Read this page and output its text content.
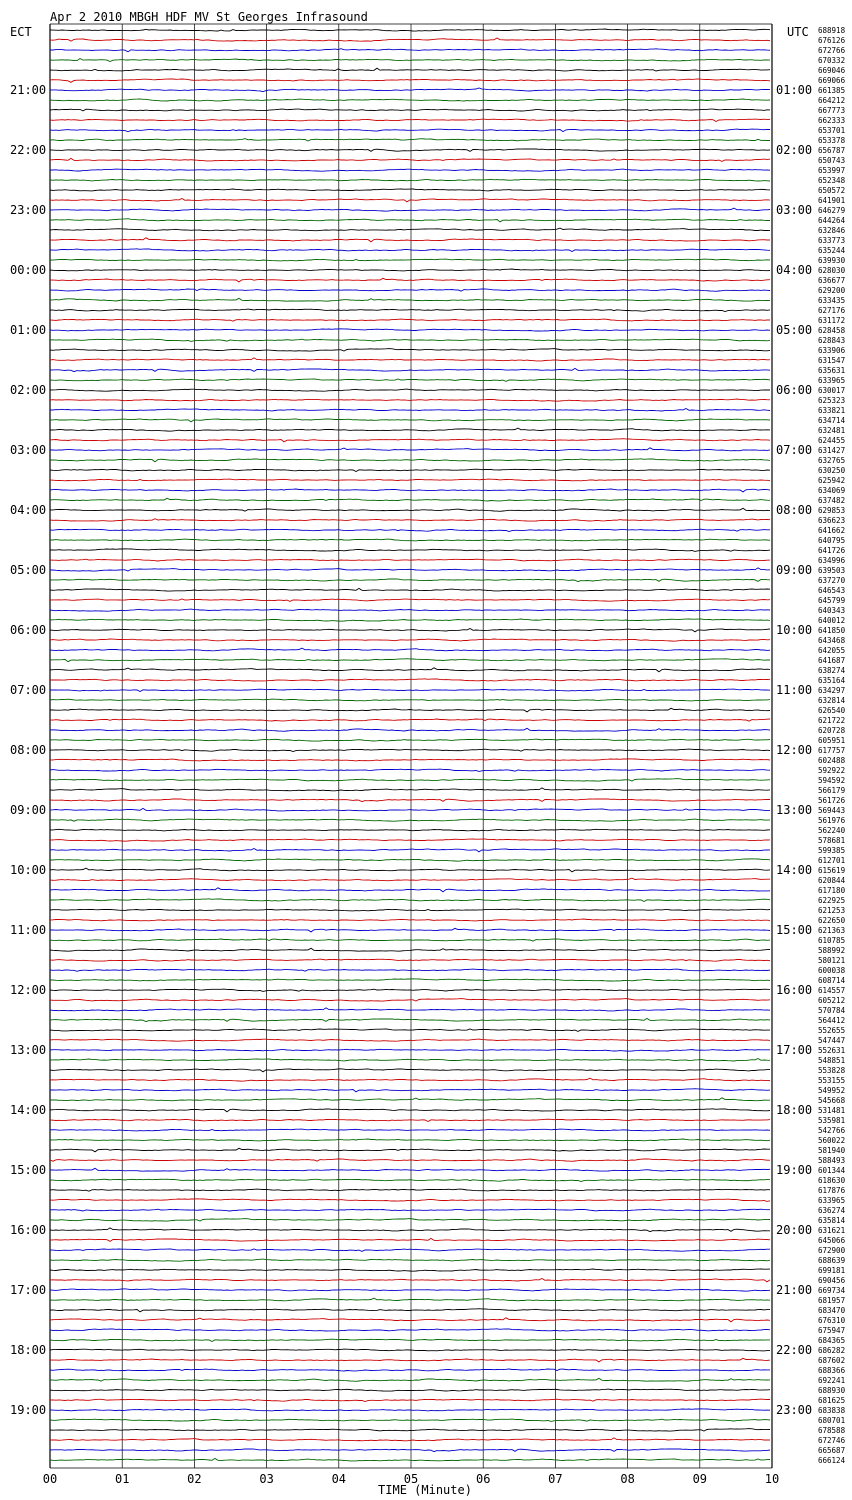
Apr 2 2010 MBGH HDF MV St Georges Infrasound
ECT	UTC
21:00
22:00
23:00
00:00
01:00
02:00
03:00
04:00
05:00
06:00
07:00
08:00
09:00
10:00
11:00
12:00
13:00
14:00
15:00
16:00
17:00
18:00
19:00
01:00
02:00
03:00
04:00
05:00
06:00
07:00
08:00
09:00
10:00
11:00
12:00
13:00
14:00
15:00
16:00
17:00
18:00
19:00
20:00
21:00
22:00
23:00
688918
676126
672766
670332
669046
669066
661385
664212
667773
662333
653701
653378
656787
650743
653997
652348
650572
641901
646279
644264
632846
633773
635244
639930
628030
636677
629200
633435
627176
631172
628458
628843
633906
631547
635631
633965
630017
625323
633821
634714
632481
624455
631427
632765
630250
625942
634069
637482
629853
636623
641662
640795
641726
634996
639503
637270
646543
645799
640343
640012
641850
643468
642055
641687
638274
635164
634297
632814
626540
621722
620728
605951
617757
602488
592922
594592
566179
561726
569443
561976
562240
578681
599385
612701
615619
620844
617180
622925
621253
622650
621363
610785
588992
580121
600038
608714
614557
605212
570784
564412
552655
547447
552631
548851
553828
553155
549952
545668
531481
535981
542766
560022
581940
588493
601344
618630
617876
633965
636274
635814
631621
645066
672900
688639
699181
690456
669734
681957
683470
676310
675947
684365
686282
687602
688366
692241
688930
681625
683838
680701
678588
672746
665687
666124
00	01	02	03	04	05	06	07	08	09	10
TIME (Minute)
